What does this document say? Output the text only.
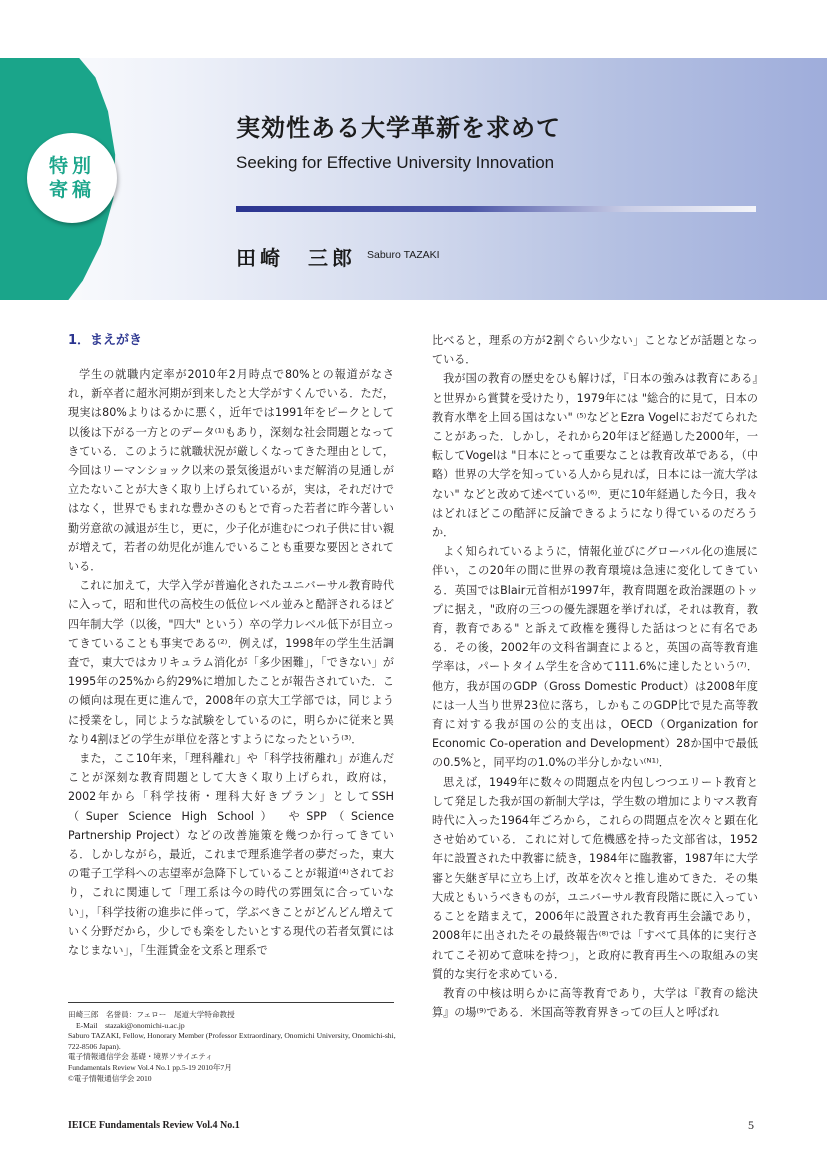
特別
寄稿
実効性ある大学革新を求めて
Seeking for Effective University Innovation
田崎　三郎 Saburo TAZAKI
1．まえがき

学生の就職内定率が2010年2月時点で80%との報道がなされ，新卒者に超氷河期が到来したと大学がすくんでいる．ただ，現実は80%よりはるかに悪く，近年では1991年をピークとして以後は下がる一方とのデータ⁽¹⁾もあり，深刻な社会問題となってきている．このように就職状況が厳しくなってきた理由として，今回はリーマンショック以来の景気後退がいまだ解消の見通しが立たないことが大きく取り上げられているが，実は，それだけではなく，世界でもまれな豊かさのもとで育った若者に昨今著しい勤労意欲の減退が生じ，更に，少子化が進むにつれ子供に甘い親が増えて，若者の幼児化が進んでいることも重要な要因とされている．

これに加えて，大学入学が普遍化されたユニバーサル教育時代に入って，昭和世代の高校生の低位レベル並みと酷評されるほど四年制大学（以後，"四大" という）卒の学力レベル低下が目立ってきていることも事実である⁽²⁾．例えば，1998年の学生生活調査で，東大ではカリキュラム消化が「多少困難」，「できない」が1995年の25%から約29%に増加したことが報告されていた．この傾向は現在更に進んで，2008年の京大工学部では，同じように授業をし，同じような試験をしているのに，明らかに従来と異なり4割ほどの学生が単位を落とすようになったという⁽³⁾．

また，ここ10年来，「理科離れ」や「科学技術離れ」が進んだことが深刻な教育問題として大きく取り上げられ，政府は，2002年から「科学技術・理科大好きプラン」としてSSH（Super Science High School） やSPP（Science Partnership Project）などの改善施策を幾つか行ってきている．しかしながら，最近，これまで理系進学者の夢だった，東大の電子工学科への志望率が急降下していることが報道⁽⁴⁾されており，これに関連して「理工系は今の時代の雰囲気に合っていない」，「科学技術の進歩に伴って，学ぶべきことがどんどん増えていく分野だから，少しでも楽をしたいとする現代の若者気質にはなじまない」，「生涯賃金を文系と理系で

比べると，理系の方が2割ぐらい少ない」ことなどが話題となっている．

我が国の教育の歴史をひも解けば，『日本の強みは教育にある』と世界から賞賛を受けたり，1979年には "総合的に見て，日本の教育水準を上回る国はない" ⁽⁵⁾などとEzra Vogelにおだてられたことがあった．しかし，それから20年ほど経過した2000年，一転してVogelは "日本にとって重要なことは教育改革である，（中略）世界の大学を知っている人から見れば，日本には一流大学はない" などと改めて述べている⁽⁶⁾．更に10年経過した今日，我々はどれほどこの酷評に反論できるようになり得ているのだろうか．

よく知られているように，情報化並びにグローバル化の進展に伴い，この20年の間に世界の教育環境は急速に変化してきている．英国ではBlair元首相が1997年，教育問題を政治課題のトップに据え，"政府の三つの優先課題を挙げれば，それは教育，教育，教育である" と訴えて政権を獲得した話はつとに有名である．その後，2002年の文科省調査によると，英国の高等教育進学率は，パートタイム学生を含めて111.6%に達したという⁽⁷⁾．他方，我が国のGDP（Gross Domestic Product）は2008年度には一人当り世界23位に落ち，しかもこのGDP比で見た高等教育に対する我が国の公的支出は，OECD（Organization for Economic Co-operation and Development）28か国中で最低の0.5%と，同平均の1.0%の半分しかない⁽ᴺ¹⁾．

思えば，1949年に数々の問題点を内包しつつエリート教育として発足した我が国の新制大学は，学生数の増加によりマス教育時代に入った1964年ごろから，これらの問題点を次々と顕在化させ始めている．これに対して危機感を持った文部省は，1952年に設置された中教審に続き，1984年に臨教審，1987年に大学審と矢継ぎ早に立ち上げ，改革を次々と推し進めてきた．その集大成ともいうべきものが，ユニバーサル教育段階に既に入っていることを踏まえて，2006年に設置された教育再生会議であり，2008年に出されたその最終報告⁽⁸⁾では「すべて具体的に実行されてこそ初めて意味を持つ」，と政府に教育再生への取組みの実質的な実行を求めている．

教育の中核は明らかに高等教育であり，大学は『教育の総決算』の場⁽⁹⁾である．米国高等教育界きっての巨人と呼ばれ

田崎三郎　名誉員：フェロー　尾道大学特命教授
E-Mail　stazaki@onomichi-u.ac.jp
Saburo TAZAKI, Fellow, Honorary Member (Professor Extraordinary, Onomichi University, Onomichi-shi, 722-8506 Japan).
電子情報通信学会 基礎・境界ソサイエティ
Fundamentals Review Vol.4 No.1 pp.5-19 2010年7月
©電子情報通信学会 2010
IEICE Fundamentals Review Vol.4 No.1	5
